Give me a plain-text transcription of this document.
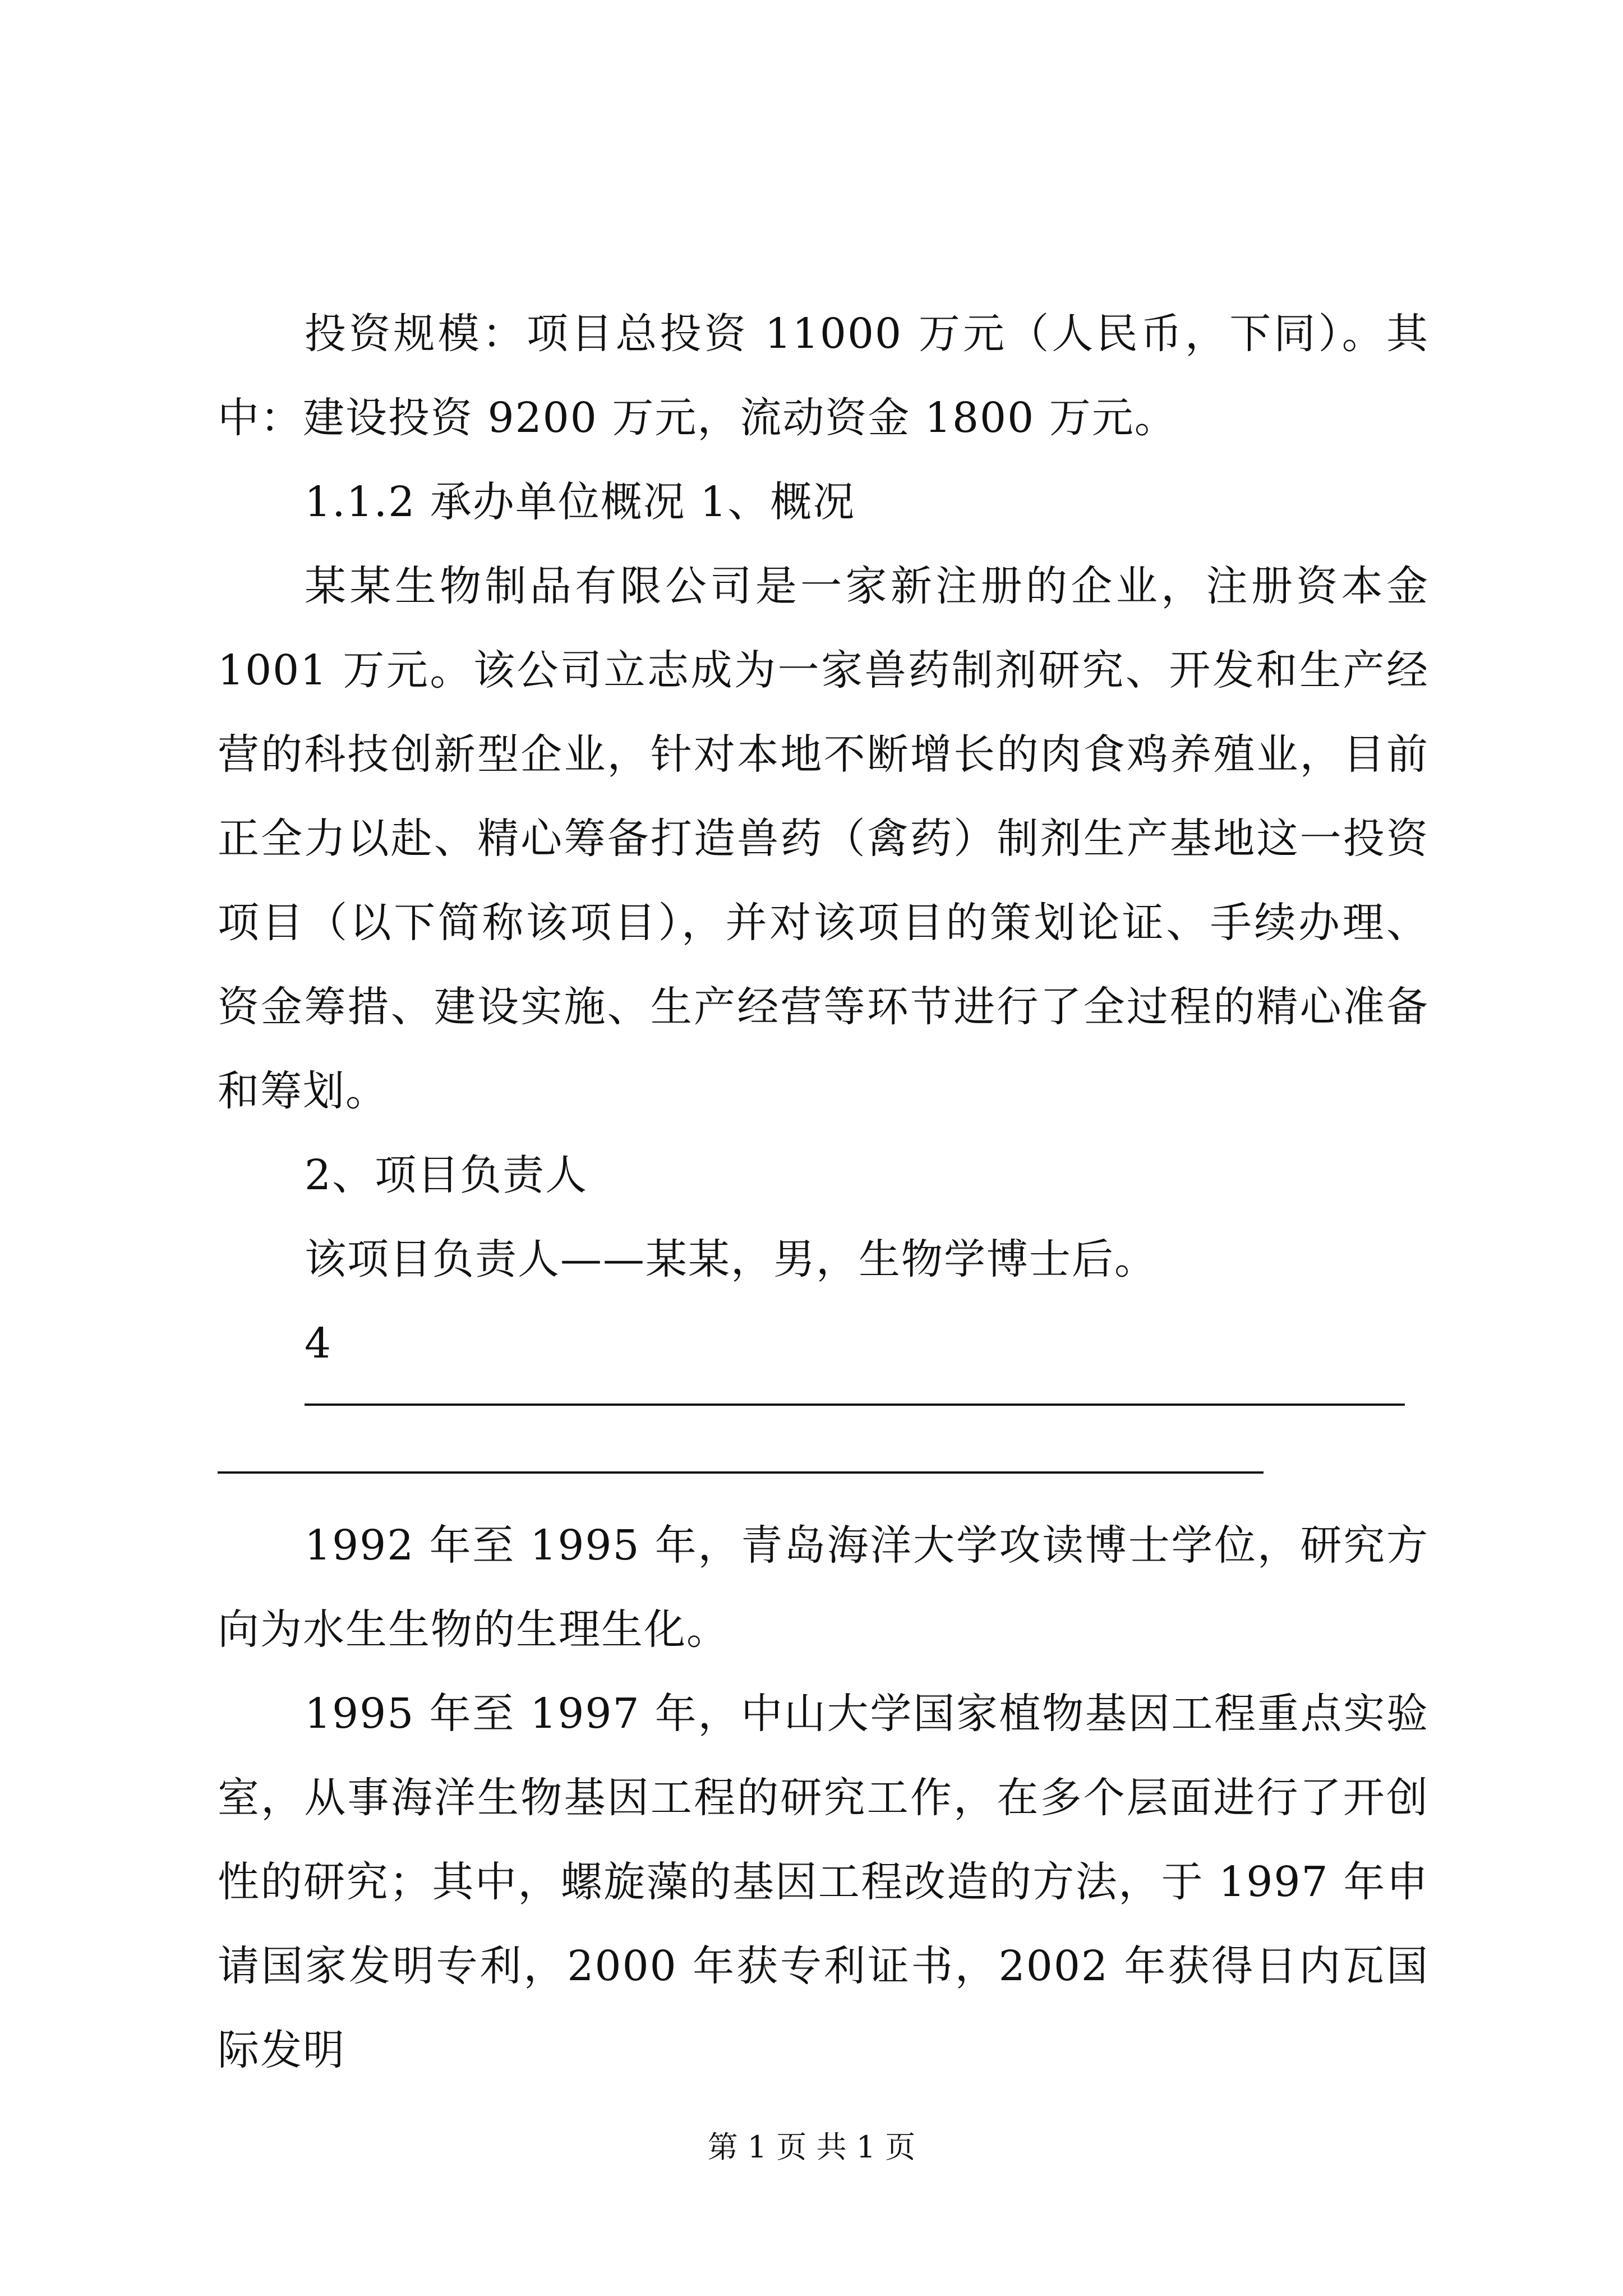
投资规模：项目总投资 11000 万元（人民币，下同）。其中：建设投资 9200 万元，流动资金 1800 万元。

1.1.2 承办单位概况 1、概况

某某生物制品有限公司是一家新注册的企业，注册资本金 1001 万元。该公司立志成为一家兽药制剂研究、开发和生产经营的科技创新型企业，针对本地不断增长的肉食鸡养殖业，目前正全力以赴、精心筹备打造兽药（禽药）制剂生产基地这一投资项目（以下简称该项目），并对该项目的策划论证、手续办理、资金筹措、建设实施、生产经营等环节进行了全过程的精心准备和筹划。

2、项目负责人

该项目负责人——某某，男，生物学博士后。

4

1992 年至 1995 年，青岛海洋大学攻读博士学位，研究方向为水生生物的生理生化。

1995 年至 1997 年，中山大学国家植物基因工程重点实验室，从事海洋生物基因工程的研究工作，在多个层面进行了开创性的研究；其中，螺旋藻的基因工程改造的方法，于 1997 年申请国家发明专利，2000 年获专利证书，2002 年获得日内瓦国际发明

第 1 页 共 1 页
